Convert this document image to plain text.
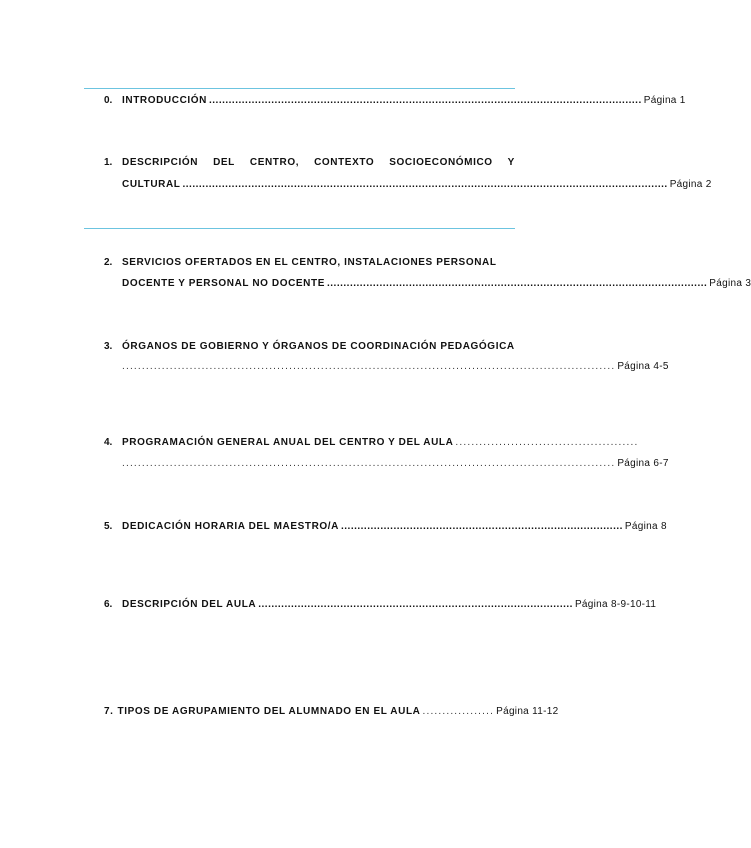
0. INTRODUCCIÓN .................................................................................................................................... Página 1
1. DESCRIPCIÓN DEL CENTRO, CONTEXTO SOCIOECONÓMICO Y
CULTURAL .................................................................................................................................................... Página 2
2. SERVICIOS OFERTADOS EN EL CENTRO, INSTALACIONES PERSONAL
DOCENTE Y PERSONAL NO DOCENTE .................................................................................................................... Página 3
3. ÓRGANOS DE GOBIERNO Y ÓRGANOS DE COORDINACIÓN PEDAGÓGICA
............................................................................................................................ Página 4-5
4. PROGRAMACIÓN GENERAL ANUAL DEL CENTRO Y DEL AULA ..............................................
............................................................................................................................ Página 6-7
5. DEDICACIÓN HORARIA DEL MAESTRO/A ...................................................................................... Página 8
6. DESCRIPCIÓN DEL AULA ................................................................................................ Página 8-9-10-11
7. TIPOS DE AGRUPAMIENTO DEL ALUMNADO EN EL AULA .................. Página 11-12
